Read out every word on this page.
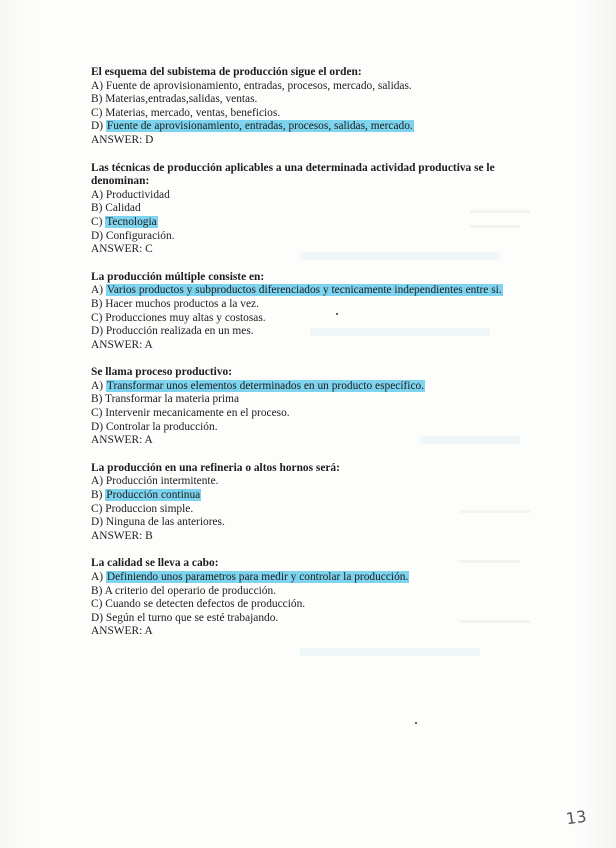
El esquema del subistema de producción sigue el orden:
A) Fuente de aprovisionamiento, entradas, procesos, mercado, salidas.
B) Materias,entradas,salidas, ventas.
C) Materias, mercado, ventas, beneficios.
D) Fuente de aprovisionamiento, entradas, procesos, salidas, mercado.
ANSWER: D
Las técnicas de producción aplicables a una determinada actividad productiva se le denominan:
A) Productividad
B) Calidad
C) Tecnologia
D) Configuración.
ANSWER: C
La producción múltiple consiste en:
A) Varios productos y subproductos diferenciados y tecnicamente independientes entre si.
B) Hacer muchos productos a la vez.
C) Producciones muy altas y costosas.
D) Producción realizada en un mes.
ANSWER: A
Se llama proceso productivo:
A) Transformar unos elementos determinados en un producto específico.
B) Transformar la materia prima
C) Intervenir mecanicamente en el proceso.
D) Controlar la producción.
ANSWER: A
La producción en una refineria o altos hornos será:
A) Producción intermitente.
B) Producción continua
C) Produccion simple.
D) Ninguna de las anteriores.
ANSWER: B
La calidad se lleva a cabo:
A) Definiendo unos parametros para medir y controlar la producción.
B) A criterio del operario de producción.
C) Cuando se detecten defectos de producción.
D) Según el turno que se esté trabajando.
ANSWER: A
13
